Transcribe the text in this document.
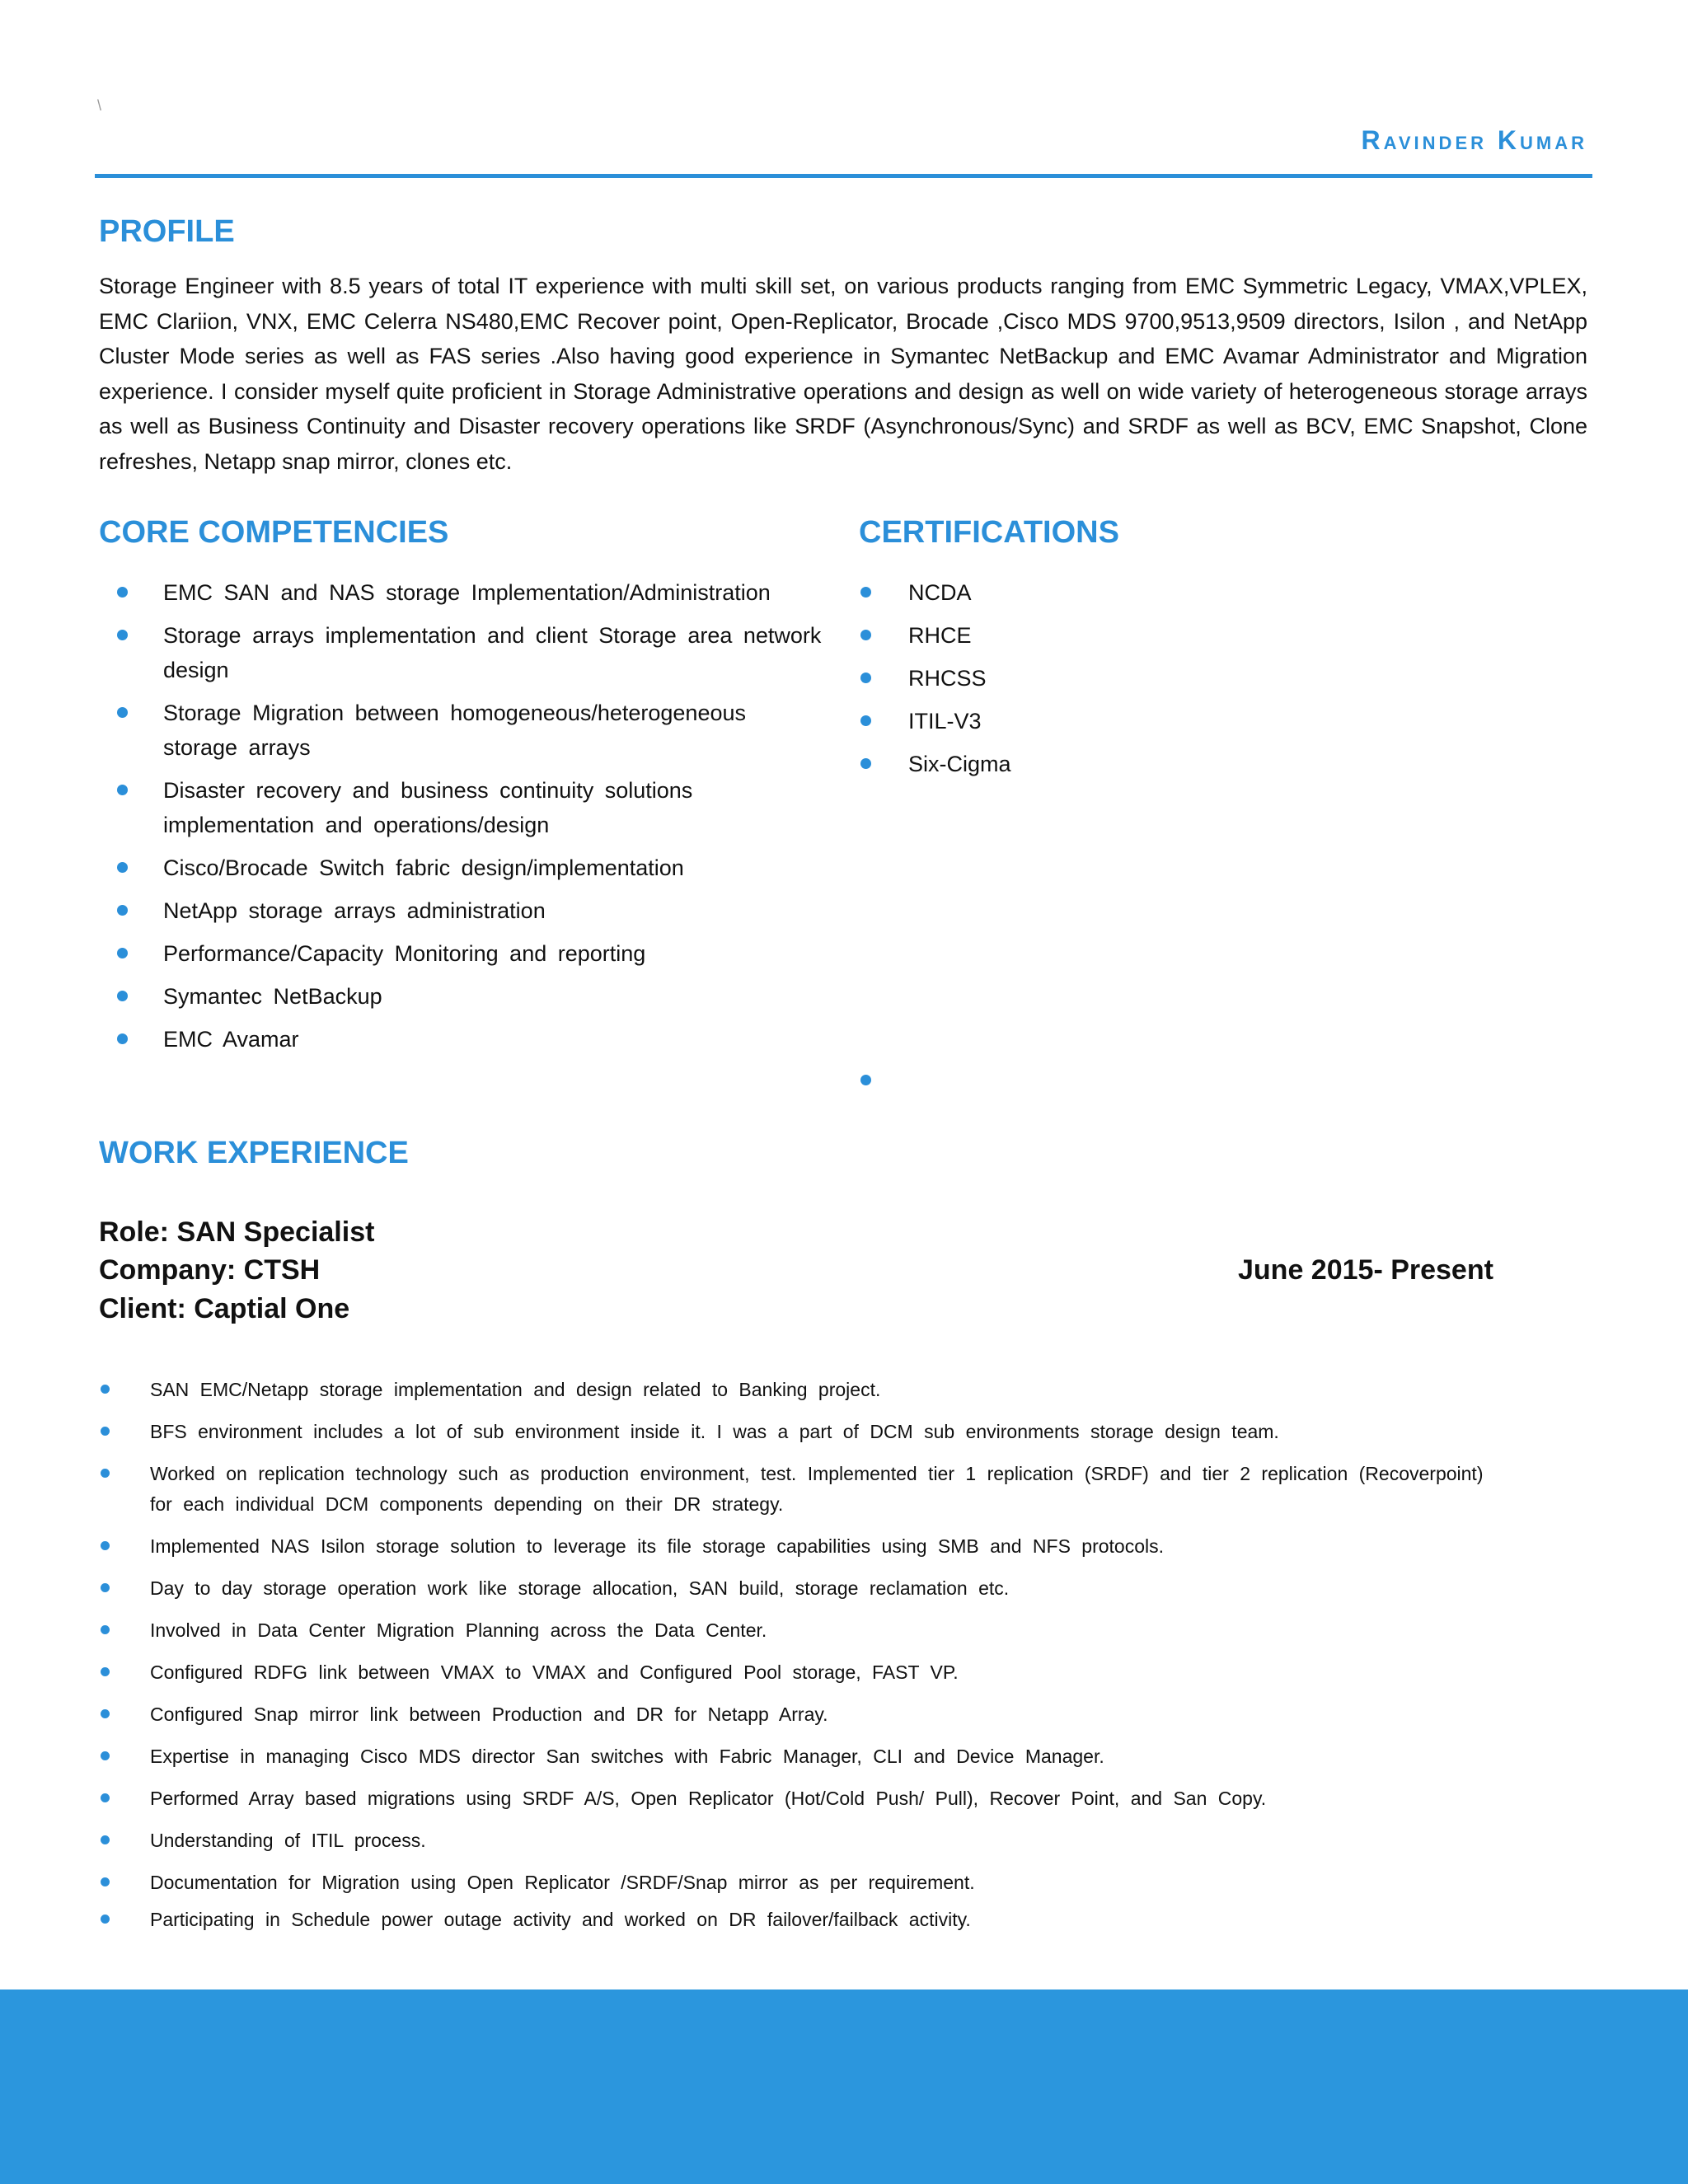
\
Ravinder Kumar
PROFILE

Storage Engineer with 8.5 years of total IT experience with multi skill set, on various products ranging from EMC Symmetric Legacy, VMAX,VPLEX, EMC Clariion, VNX, EMC Celerra NS480,EMC Recover point, Open-Replicator, Brocade ,Cisco MDS 9700,9513,9509 directors, Isilon , and NetApp Cluster Mode series as well as FAS series .Also having good experience in Symantec NetBackup and EMC Avamar Administrator and Migration experience. I consider myself quite proficient in Storage Administrative operations and design as well on wide variety of heterogeneous storage arrays as well as Business Continuity and Disaster recovery operations like SRDF (Asynchronous/Sync) and SRDF as well as BCV, EMC Snapshot, Clone refreshes, Netapp snap mirror, clones etc.

CORE COMPETENCIES
EMC SAN and NAS storage Implementation/Administration
Storage arrays implementation and client Storage area network design
Storage Migration between homogeneous/heterogeneous storage arrays
Disaster recovery and business continuity solutions implementation and operations/design
Cisco/Brocade Switch fabric design/implementation
NetApp storage arrays administration
Performance/Capacity Monitoring and reporting
Symantec NetBackup
EMC Avamar
CERTIFICATIONS
NCDA
RHCE
RHCSS
ITIL-V3
Six-Cigma
WORK EXPERIENCE
Role: SAN Specialist
Company: CTSH
Client: Captial One
June 2015- Present
SAN EMC/Netapp storage implementation and design related to Banking project.
BFS environment includes a lot of sub environment inside it. I was a part of DCM sub environments storage design team.
Worked on replication technology such as production environment, test. Implemented tier 1 replication (SRDF) and tier 2 replication (Recoverpoint) for each individual DCM components depending on their DR strategy.
Implemented NAS Isilon storage solution to leverage its file storage capabilities using SMB and NFS protocols.
Day to day storage operation work like storage allocation, SAN build, storage reclamation etc.
Involved in Data Center Migration Planning across the Data Center.
Configured RDFG link between VMAX to VMAX and Configured Pool storage, FAST VP.
Configured Snap mirror link between Production and DR for Netapp Array.
Expertise in managing Cisco MDS director San switches with Fabric Manager, CLI and Device Manager.
Performed Array based migrations using SRDF A/S, Open Replicator (Hot/Cold Push/ Pull), Recover Point, and San Copy.
Understanding of ITIL process.
Documentation for Migration using Open Replicator /SRDF/Snap mirror as per requirement.
Participating in Schedule power outage activity and worked on DR failover/failback activity.
